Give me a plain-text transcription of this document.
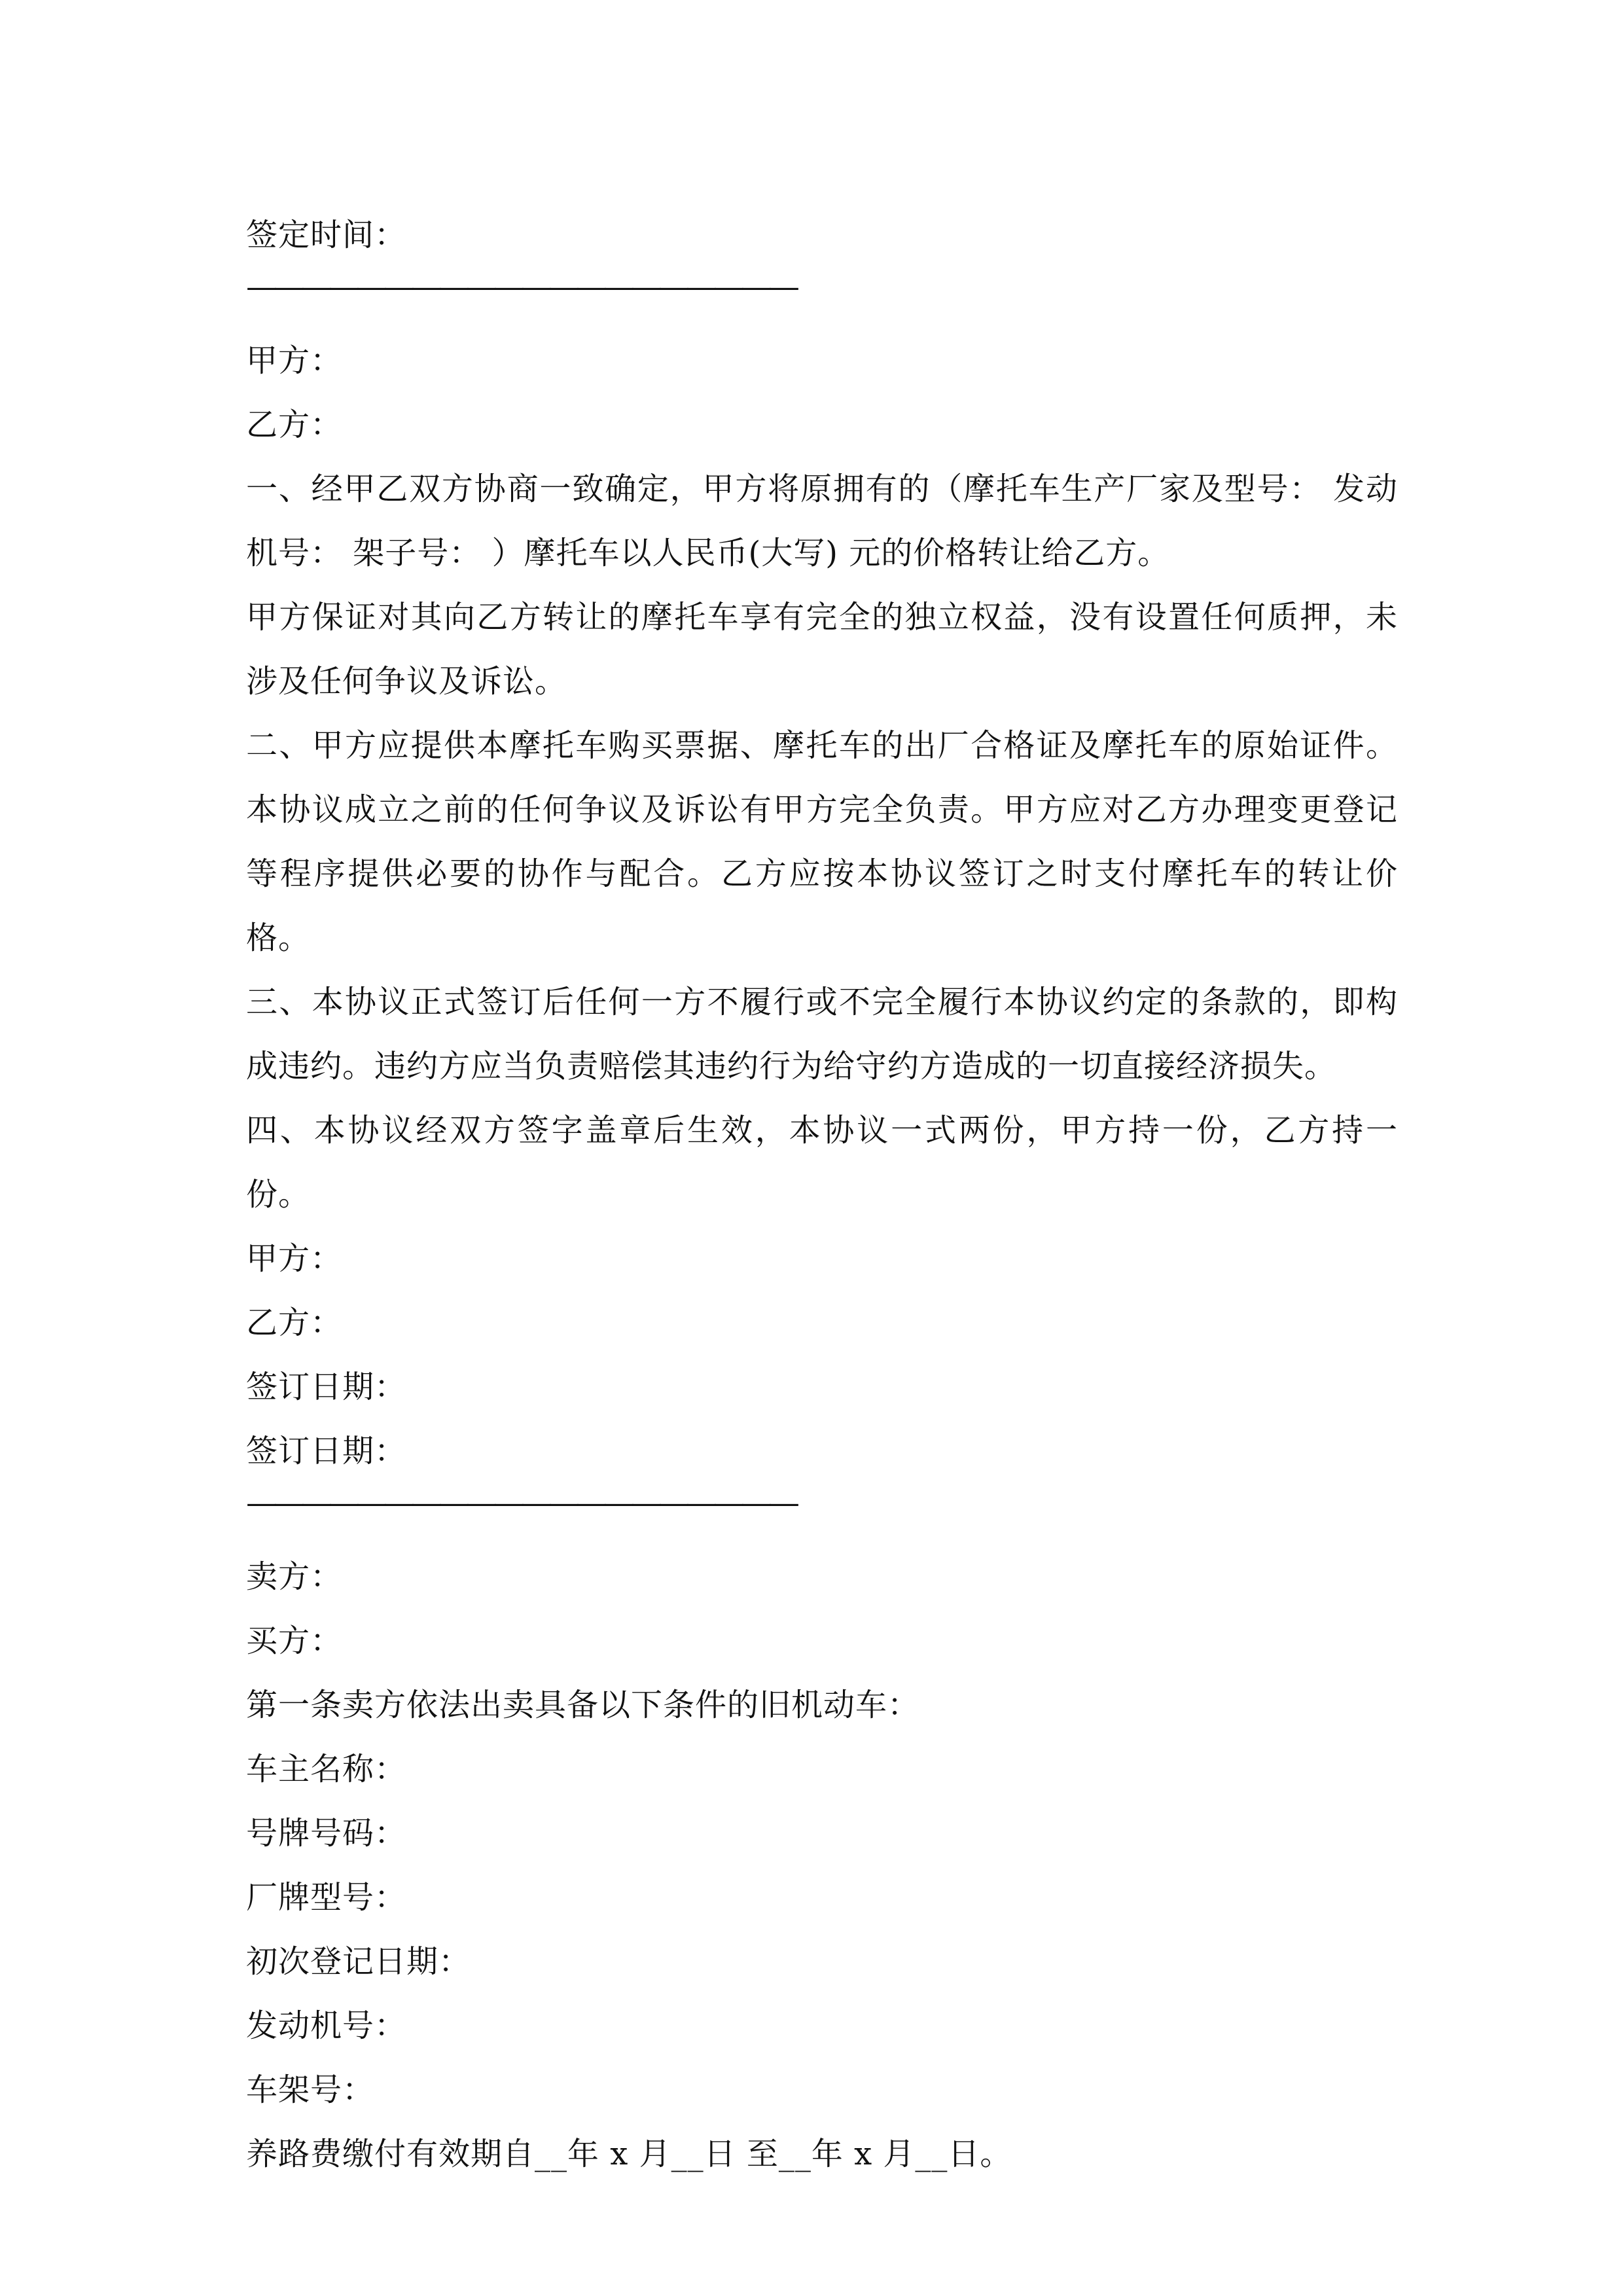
签定时间：
————————————————————
甲方：
乙方：
一、经甲乙双方协商一致确定，甲方将原拥有的（摩托车生产厂家及型号： 发动机号： 架子号： ）摩托车以人民币(大写) 元的价格转让给乙方。
甲方保证对其向乙方转让的摩托车享有完全的独立权益，没有设置任何质押，未涉及任何争议及诉讼。
二、甲方应提供本摩托车购买票据、摩托车的出厂合格证及摩托车的原始证件。本协议成立之前的任何争议及诉讼有甲方完全负责。甲方应对乙方办理变更登记等程序提供必要的协作与配合。乙方应按本协议签订之时支付摩托车的转让价格。
三、本协议正式签订后任何一方不履行或不完全履行本协议约定的条款的，即构成违约。违约方应当负责赔偿其违约行为给守约方造成的一切直接经济损失。
四、本协议经双方签字盖章后生效，本协议一式两份，甲方持一份，乙方持一份。
甲方：
乙方：
签订日期：
签订日期：
————————————————————
卖方：
买方：
第一条卖方依法出卖具备以下条件的旧机动车：
车主名称：
号牌号码：
厂牌型号：
初次登记日期：
发动机号：
车架号：
养路费缴付有效期自__年 x 月__日 至__年 x 月__日。
